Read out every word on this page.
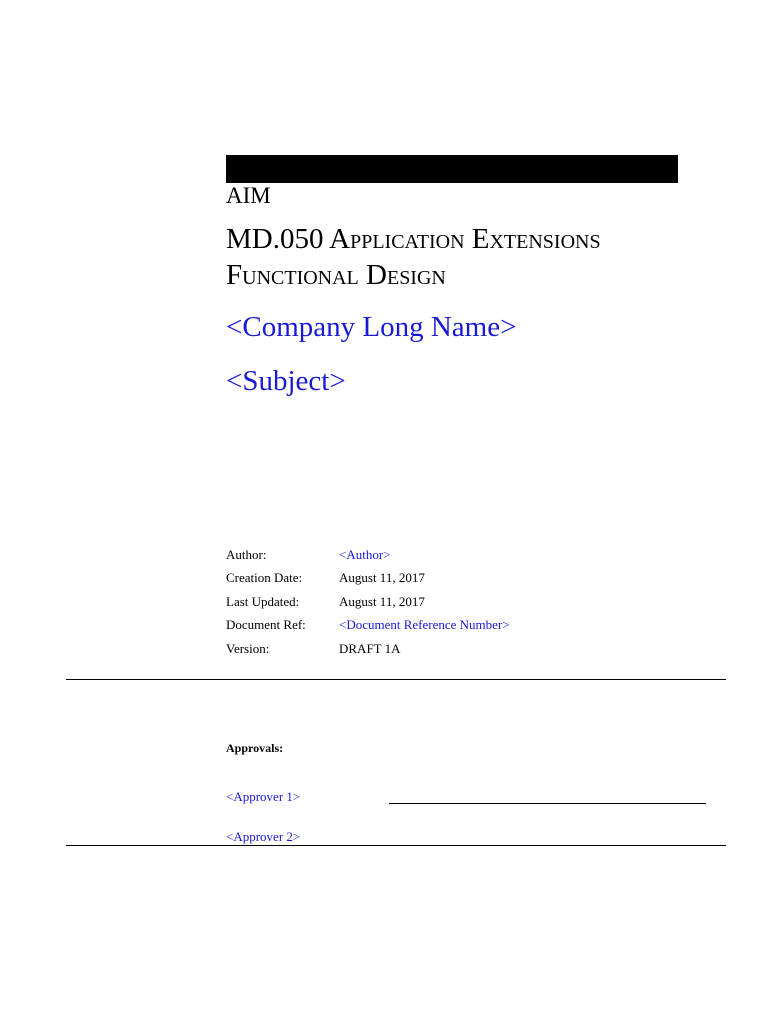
AIM
MD.050 Application Extensions
Functional Design
<Company Long Name>
<Subject>
Author:	<Author>
Creation Date:	August 11, 2017
Last Updated:	August 11, 2017
Document Ref:	<Document Reference Number>
Version:	DRAFT 1A
Approvals:
<Approver 1>
<Approver 2>
